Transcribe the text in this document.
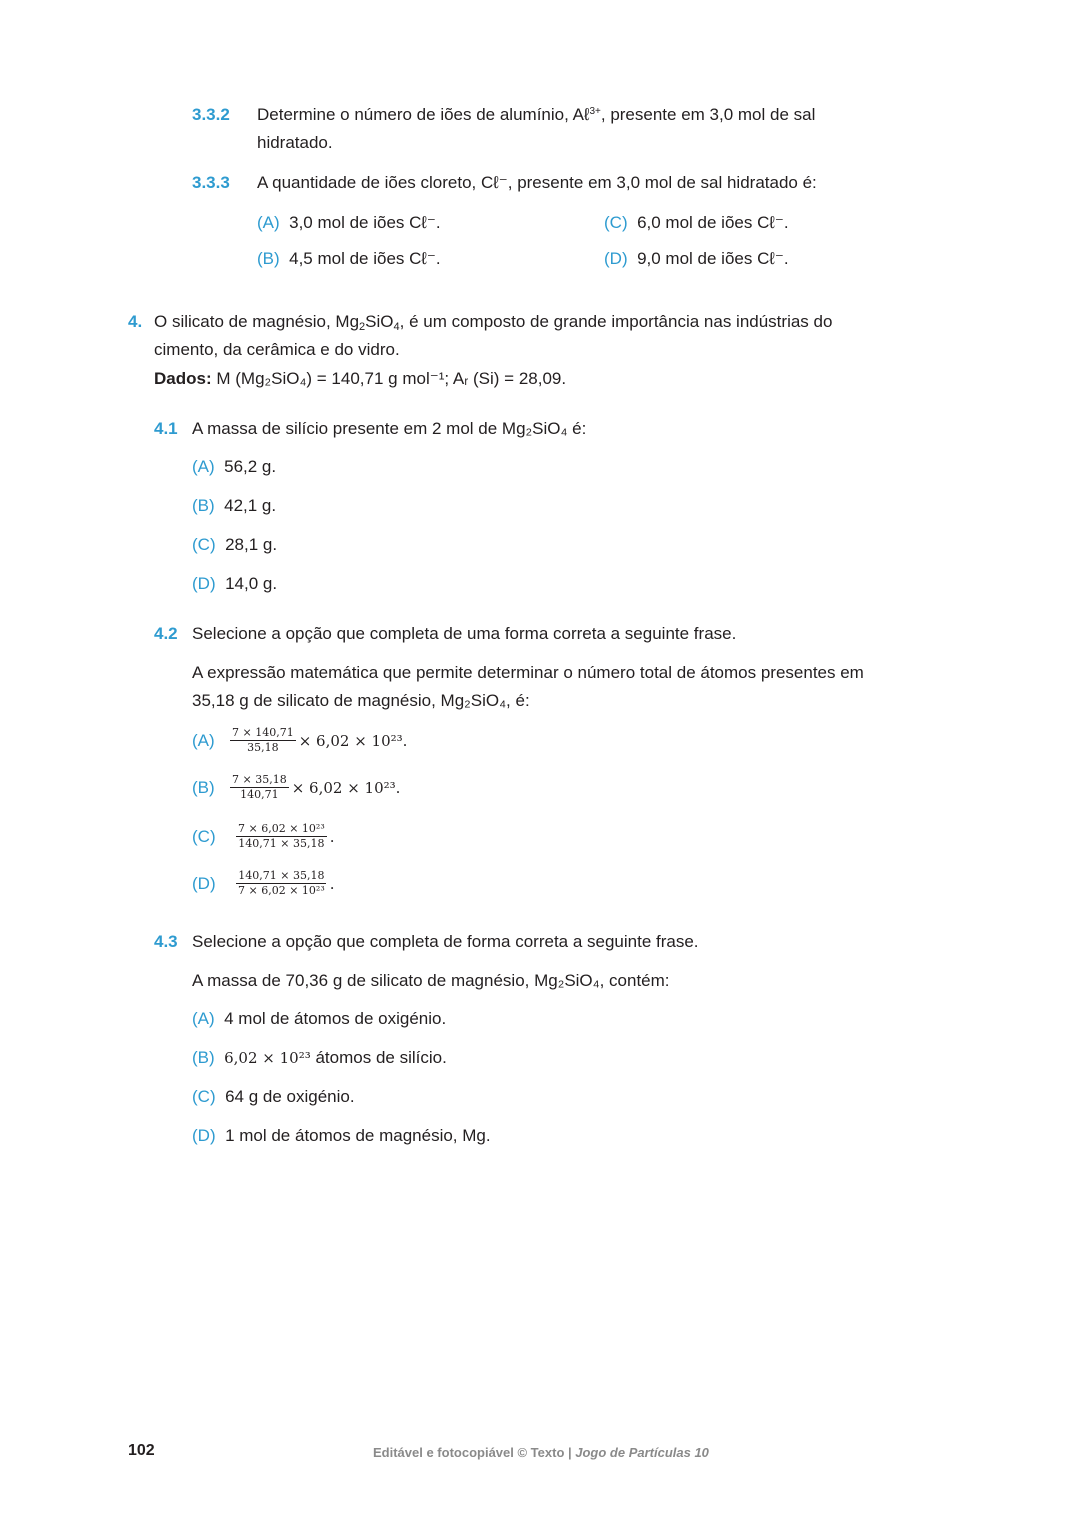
3.3.2 Determine o número de iões de alumínio, Aℓ$^{3+}$, presente em 3,0 mol de sal
hidratado.
3.3.3 A quantidade de iões cloreto, Cℓ⁻, presente em 3,0 mol de sal hidratado é:
(A) 3,0 mol de iões Cℓ⁻.
(B) 4,5 mol de iões Cℓ⁻.
(C) 6,0 mol de iões Cℓ⁻.
(D) 9,0 mol de iões Cℓ⁻.
4. O silicato de magnésio, $Mg_2SiO_4$, é um composto de grande importância nas indústrias do
cimento, da cerâmica e do vidro.
Dados: M (Mg₂SiO₄) = 140,71 g mol⁻¹; Aᵣ (Si) = 28,09.
4.1 A massa de silício presente em 2 mol de Mg₂SiO₄ é:
(A) 56,2 g.
(B) 42,1 g.
(C) 28,1 g.
(D) 14,0 g.
4.2 Selecione a opção que completa de uma forma correta a seguinte frase.
A expressão matemática que permite determinar o número total de átomos presentes em
35,18 g de silicato de magnésio, Mg₂SiO₄, é:
(A)	$\frac{7 \times 140,71}{35,18} \times 6,02 \times 10^{23}$.
(B)	$\frac{7 \times 35,18}{140,71} \times 6,02 \times 10^{23}$.
(C)	$\frac{\text{7 × 6,02 × 10²³}}{140,71 \times 35,18}$ .
(D)	$\frac{140,71 \times 35,18}{\text{7 × 6,02 × 10²³}}$ .
4.3 Selecione a opção que completa de forma correta a seguinte frase.
A massa de 70,36 g de silicato de magnésio, Mg₂SiO₄, contém:
(A) 4 mol de átomos de oxigénio.
(B) 6,02 × 10²³ átomos de silício.
(C) 64 g de oxigénio.
(D) 1 mol de átomos de magnésio, Mg.
102	Editável e fotocopiável © Texto | Jogo de Partículas 10
